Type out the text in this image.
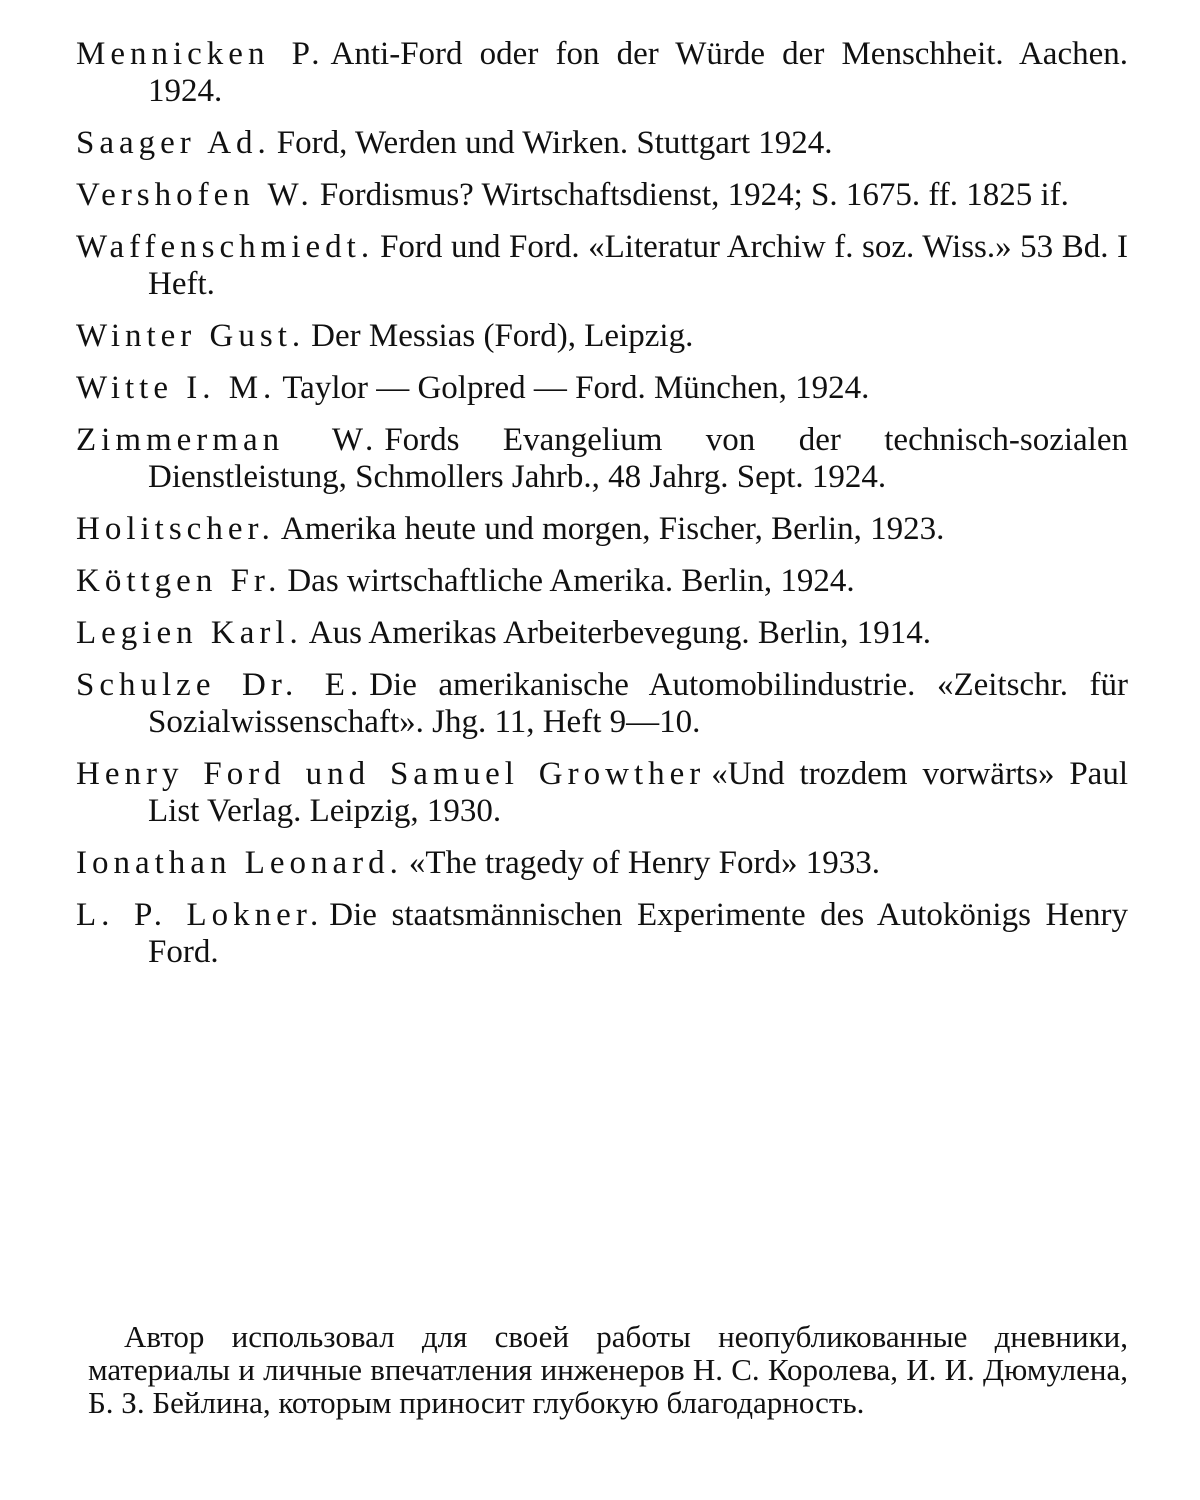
Mennicken P. Anti-Ford oder fon der Würde der Menschheit. Aachen. 1924.

Saager Ad. Ford, Werden und Wirken. Stuttgart 1924.

Vershofen W. Fordismus? Wirtschaftsdienst, 1924; S. 1675. ff. 1825 if.

Waffenschmiedt. Ford und Ford. «Literatur Archiw f. soz. Wiss.» 53 Bd. I Heft.

Winter Gust. Der Messias (Ford), Leipzig.

Witte I. M. Taylor — Golpred — Ford. München, 1924.

Zimmerman W. Fords Evangelium von der technisch-sozialen Dienstleistung, Schmollers Jahrb., 48 Jahrg. Sept. 1924.

Holitscher. Amerika heute und morgen, Fischer, Berlin, 1923.

Köttgen Fr. Das wirtschaftliche Amerika. Berlin, 1924.

Legien Karl. Aus Amerikas Arbeiterbevegung. Berlin, 1914.

Schulze Dr. E. Die amerikanische Automobilindustrie. «Zeitschr. für Sozialwissenschaft». Jhg. 11, Heft 9—10.

Henry Ford und Samuel Growther «Und trozdem vorwärts» Paul List Verlag. Leipzig, 1930.

Ionathan Leonard. «The tragedy of Henry Ford» 1933.

L. P. Lokner. Die staatsmännischen Experimente des Autokönigs Henry Ford.

Автор использовал для своей работы неопубликованные дневники, материалы и личные впечатления инженеров Н. С. Королева, И. И. Дюмулена, Б. З. Бейлина, которым приносит глубокую благодарность.
